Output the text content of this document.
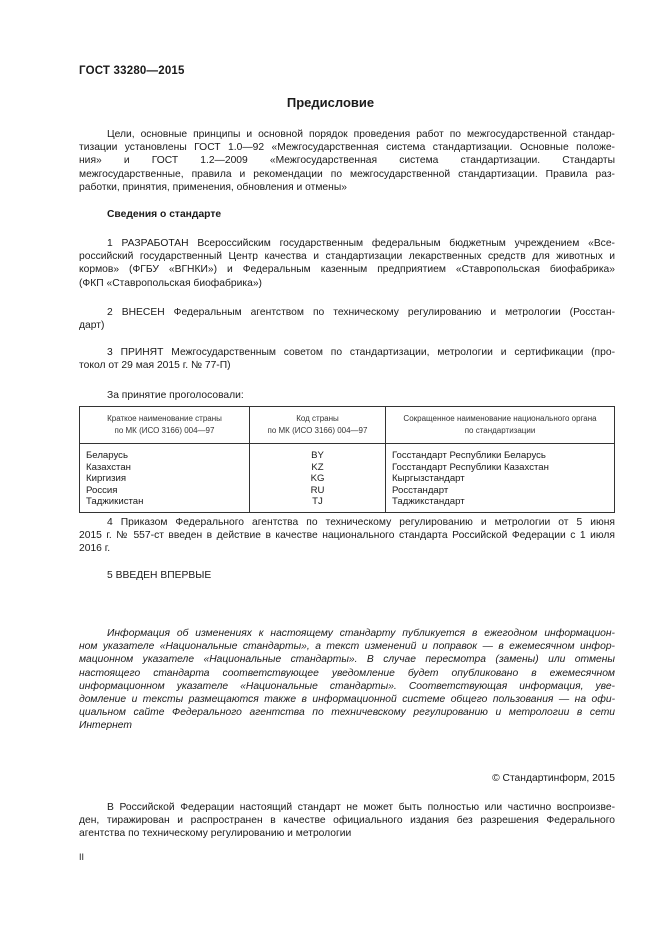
ГОСТ 33280—2015
Предисловие
Цели, основные принципы и основной порядок проведения работ по межгосударственной стандар-
тизации установлены ГОСТ 1.0—92 «Межгосударственная система стандартизации. Основные положе-
ния» и ГОСТ 1.2—2009 «Межгосударственная система стандартизации. Стандарты
межгосударственные, правила и рекомендации по межгосударственной стандартизации. Правила раз-
работки, принятия, применения, обновления и отмены»
Сведения о стандарте
1 РАЗРАБОТАН Всероссийским государственным федеральным бюджетным учреждением «Все-
российский государственный Центр качества и стандартизации лекарственных средств для животных и
кормов» (ФГБУ «ВГНКИ») и Федеральным казенным предприятием «Ставропольская биофабрика»
(ФКП «Ставропольская биофабрика»)
2 ВНЕСЕН Федеральным агентством по техническому регулированию и метрологии (Росстан-
дарт)
3 ПРИНЯТ Межгосударственным советом по стандартизации, метрологии и сертификации (про-
токол от 29 мая 2015 г. № 77-П)
За принятие проголосовали:
Краткое наименование страны
по МК (ИСО 3166) 004—97	Код страны
по МК (ИСО 3166) 004—97	Сокращенное наименование национального органа
по стандартизации
Беларусь	BY	Госстандарт Республики Беларусь
Казахстан	KZ	Госстандарт Республики Казахстан
Киргизия	KG	Кыргызстандарт
Россия	RU	Росстандарт
Таджикистан	TJ	Таджикстандарт
4 Приказом Федерального агентства по техническому регулированию и метрологии от 5 июня
2015 г. № 557-ст введен в действие в качестве национального стандарта Российской Федерации с 1 июля
2016 г.
5 ВВЕДЕН ВПЕРВЫЕ
Информация об изменениях к настоящему стандарту публикуется в ежегодном информацион-
ном указателе «Национальные стандарты», а текст изменений и поправок — в ежемесячном инфор-
мационном указателе «Национальные стандарты». В случае пересмотра (замены) или отмены
настоящего стандарта соответствующее уведомление будет опубликовано в ежемесячном
информационном указателе «Национальные стандарты». Соответствующая информация, уве-
домление и тексты размещаются также в информационной системе общего пользования — на офи-
циальном сайте Федерального агентства по техничевскому регулированию и метрологии в сети
Интернет
© Стандартинформ, 2015
В Российской Федерации настоящий стандарт не может быть полностью или частично воспроизве-
ден, тиражирован и распространен в качестве официального издания без разрешения Федерального
агентства по техническому регулированию и метрологии
II
